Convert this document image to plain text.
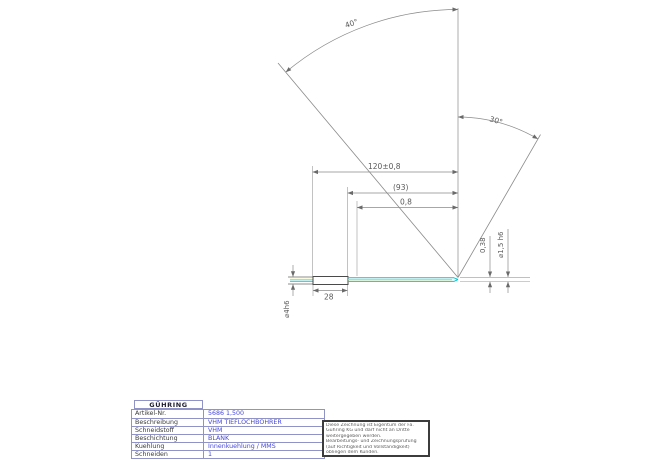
40°
30°
120±0,8
(93)
0,8
28
⌀4h6
0,38 ⌀1,5 h6
GÜHRING
Artikel-Nr.	5686 1,500
Beschreibung	VHM TIEFLOCHBOHRER
Schneidstoff	VHM
Beschichtung	BLANK
Kuehlung	Innenkuehlung / MMS
Schneiden	1
Diese Zeichnung ist Eigentum der Fa.
Gühring KG und darf nicht an Dritte
weitergegeben werden.
Bearbeitungs- und Zeichnungsprüfung
(auf Richtigkeit und Vollständigkeit)
obliegen dem Kunden.
